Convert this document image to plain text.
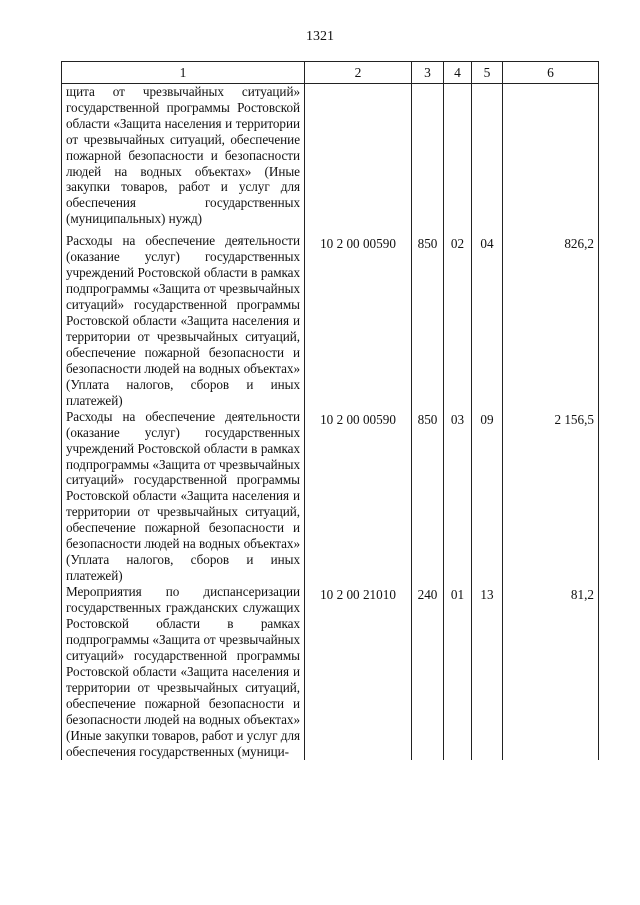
1321
1	2	3	4	5	6
щита от чрезвычайных ситуаций» государственной программы Ростовской области «Защита населения и территории от чрезвычайных ситуаций, обеспечение пожарной безопасности и безопасности людей на водных объектах» (Иные закупки товаров, работ и услуг для обеспечения государственных (муниципальных) нужд)					
Расходы на обеспечение деятельности (оказание услуг) государственных учреждений Ростовской области в рамках подпрограммы «Защита от чрезвычайных ситуаций» государственной программы Ростовской области «Защита населения и территории от чрезвычайных ситуаций, обеспечение пожарной безопасности и безопасности людей на водных объектах» (Уплата налогов, сборов и иных платежей)	10 2 00 00590	850	02	04	826,2
Расходы на обеспечение деятельности (оказание услуг) государственных учреждений Ростовской области в рамках подпрограммы «Защита от чрезвычайных ситуаций» государственной программы Ростовской области «Защита населения и территории от чрезвычайных ситуаций, обеспечение пожарной безопасности и безопасности людей на водных объектах» (Уплата налогов, сборов и иных платежей)	10 2 00 00590	850	03	09	2 156,5
Мероприятия по диспансеризации государственных гражданских служащих Ростовской области в рамках подпрограммы «Защита от чрезвычайных ситуаций» государственной программы Ростовской области «Защита населения и территории от чрезвычайных ситуаций, обеспечение пожарной безопасности и безопасности людей на водных объектах» (Иные закупки товаров, работ и услуг для обеспечения государственных (муници-	10 2 00 21010	240	01	13	81,2
